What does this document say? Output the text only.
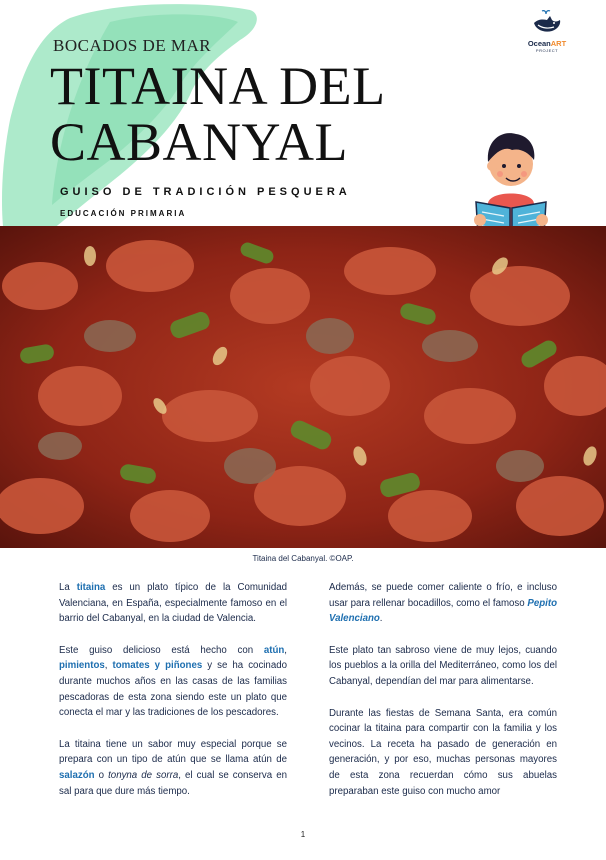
BOCADOS DE MAR
TITAINA DEL
CABANYAL
GUISO DE TRADICIÓN PESQUERA
EDUCACIÓN PRIMARIA
OceanART
PROJECT
Titaina del Cabanyal. ©OAP.

La titaina es un plato típico de la Comunidad Valenciana, en España, especialmente famoso en el barrio del Cabanyal, en la ciudad de Valencia.

Este guiso delicioso está hecho con atún, pimientos, tomates y piñones y se ha cocinado durante muchos años en las casas de las familias pescadoras de esta zona siendo este un plato que conecta el mar y las tradiciones de los pescadores.

La titaina tiene un sabor muy especial porque se prepara con un tipo de atún que se llama atún de salazón o tonyna de sorra, el cual se conserva en sal para que dure más tiempo.

Además, se puede comer caliente o frío, e incluso usar para rellenar bocadillos, como el famoso Pepito Valenciano.

Este plato tan sabroso viene de muy lejos, cuando los pueblos a la orilla del Mediterráneo, como los del Cabanyal, dependían del mar para alimentarse.

Durante las fiestas de Semana Santa, era común cocinar la titaina para compartir con la familia y los vecinos. La receta ha pasado de generación en generación, y por eso, muchas personas mayores de esta zona recuerdan cómo sus abuelas preparaban este guiso con mucho amor

1
